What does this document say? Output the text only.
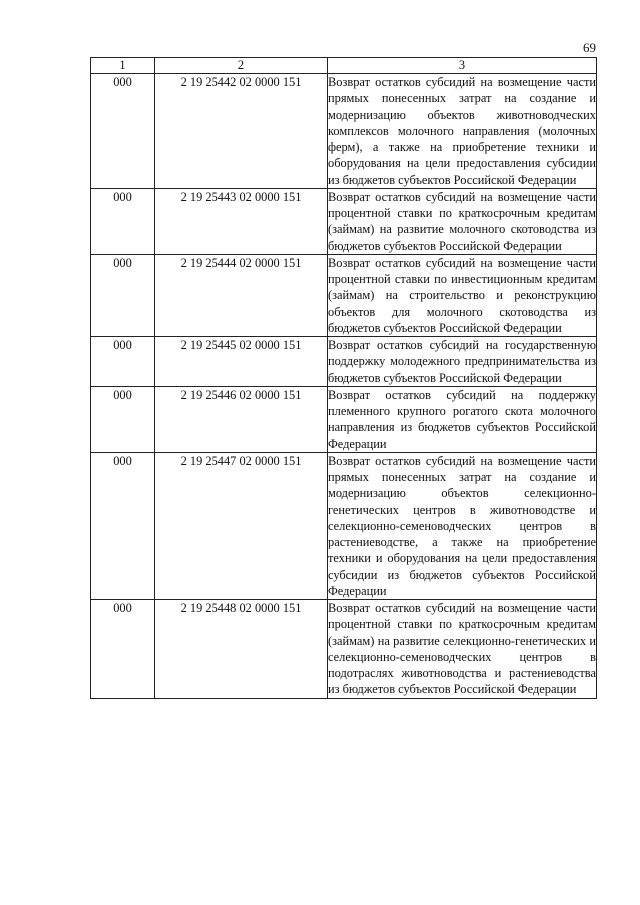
69
1	2	3
000	2 19 25442 02 0000 151	Возврат остатков субсидий на возмещение части прямых понесенных затрат на создание и модернизацию объектов животноводческих комплексов молочного направления (молочных ферм), а также на приобретение техники и оборудования на цели предоставления субсидии из бюджетов субъектов Российской Федерации
000	2 19 25443 02 0000 151	Возврат остатков субсидий на возмещение части процентной ставки по краткосрочным кредитам (займам) на развитие молочного скотоводства из бюджетов субъектов Российской Федерации
000	2 19 25444 02 0000 151	Возврат остатков субсидий на возмещение части процентной ставки по инвестиционным кредитам (займам) на строительство и реконструкцию объектов для молочного скотоводства из бюджетов субъектов Российской Федерации
000	2 19 25445 02 0000 151	Возврат остатков субсидий на государственную поддержку молодежного предпринимательства из бюджетов субъектов Российской Федерации
000	2 19 25446 02 0000 151	Возврат остатков субсидий на поддержку племенного крупного рогатого скота молочного направления из бюджетов субъектов Российской Федерации
000	2 19 25447 02 0000 151	Возврат остатков субсидий на возмещение части прямых понесенных затрат на создание и модернизацию объектов селекционно-генетических центров в животноводстве и селекционно-семеноводческих центров в растениеводстве, а также на приобретение техники и оборудования на цели предоставления субсидии из бюджетов субъектов Российской Федерации
000	2 19 25448 02 0000 151	Возврат остатков субсидий на возмещение части процентной ставки по краткосрочным кредитам (займам) на развитие селекционно-генетических и селекционно-семеноводческих центров в подотраслях животноводства и растениеводства из бюджетов субъектов Российской Федерации
